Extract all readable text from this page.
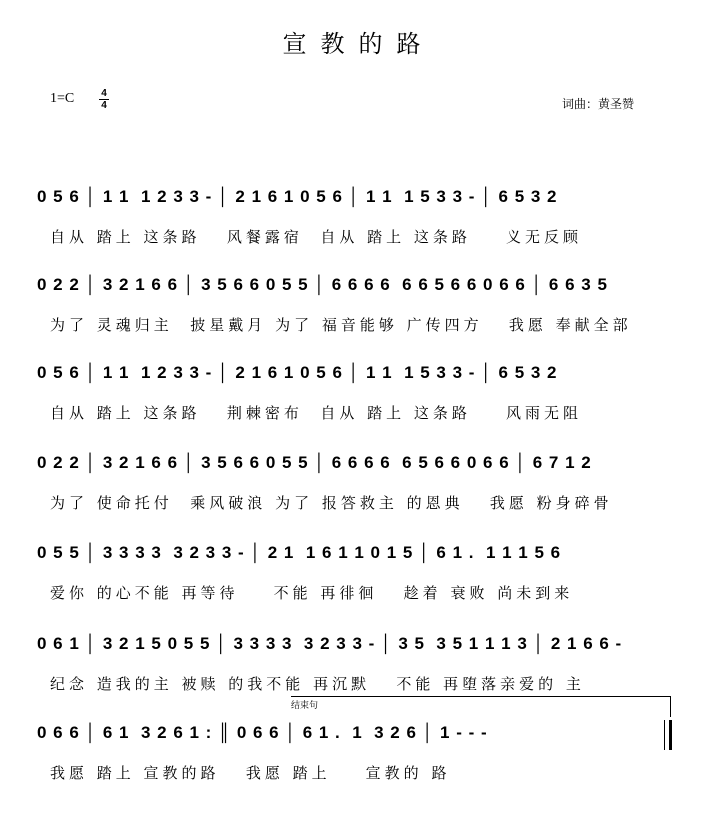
宣教的路
1=C	4
4	词曲：黄圣赞
0 5 6 │ 1 1  1 2 3 3 - │ 2 1 6 1 0 5 6 │ 1 1  1 5 3 3 - │ 6 5 3 2
自从 踏上 这条路   风餐露宿  自从 踏上 这条路    义无反顾
0 2 2 │ 3 2 1 6 6 │ 3 5 6 6 0 5 5 │ 6 6 6 6  6 6 5 6 6 0 6 6 │ 6 6 3 5
为了 灵魂归主  披星戴月 为了 福音能够 广传四方   我愿 奉献全部
0 5 6 │ 1 1  1 2 3 3 - │ 2 1 6 1 0 5 6 │ 1 1  1 5 3 3 - │ 6 5 3 2
自从 踏上 这条路   荆棘密布  自从 踏上 这条路    风雨无阻
0 2 2 │ 3 2 1 6 6 │ 3 5 6 6 0 5 5 │ 6 6 6 6  6 5 6 6 0 6 6 │ 6 7 1 2
为了 使命托付  乘风破浪 为了 报答救主 的恩典   我愿 粉身碎骨
0 5 5 │ 3 3 3 3  3 2 3 3 - │ 2 1  1 6 1 1 0 1 5 │ 6 1 .  1 1 1 5 6
爱你 的心不能 再等待    不能 再徘徊   趁着 衰败 尚未到来
0 6 1 │ 3 2 1 5 0 5 5 │ 3 3 3 3  3 2 3 3 - │ 3 5  3 5 1 1 1 3 │ 2 1 6 6 -
纪念 造我的主 被赎 的我不能 再沉默   不能 再堕落亲爱的 主
结束句
0 6 6 │ 6 1  3 2 6 1 : ║ 0 6 6 │ 6 1 .  1  3 2 6 │ 1 - - -
我愿 踏上 宣教的路   我愿 踏上    宣教的 路
